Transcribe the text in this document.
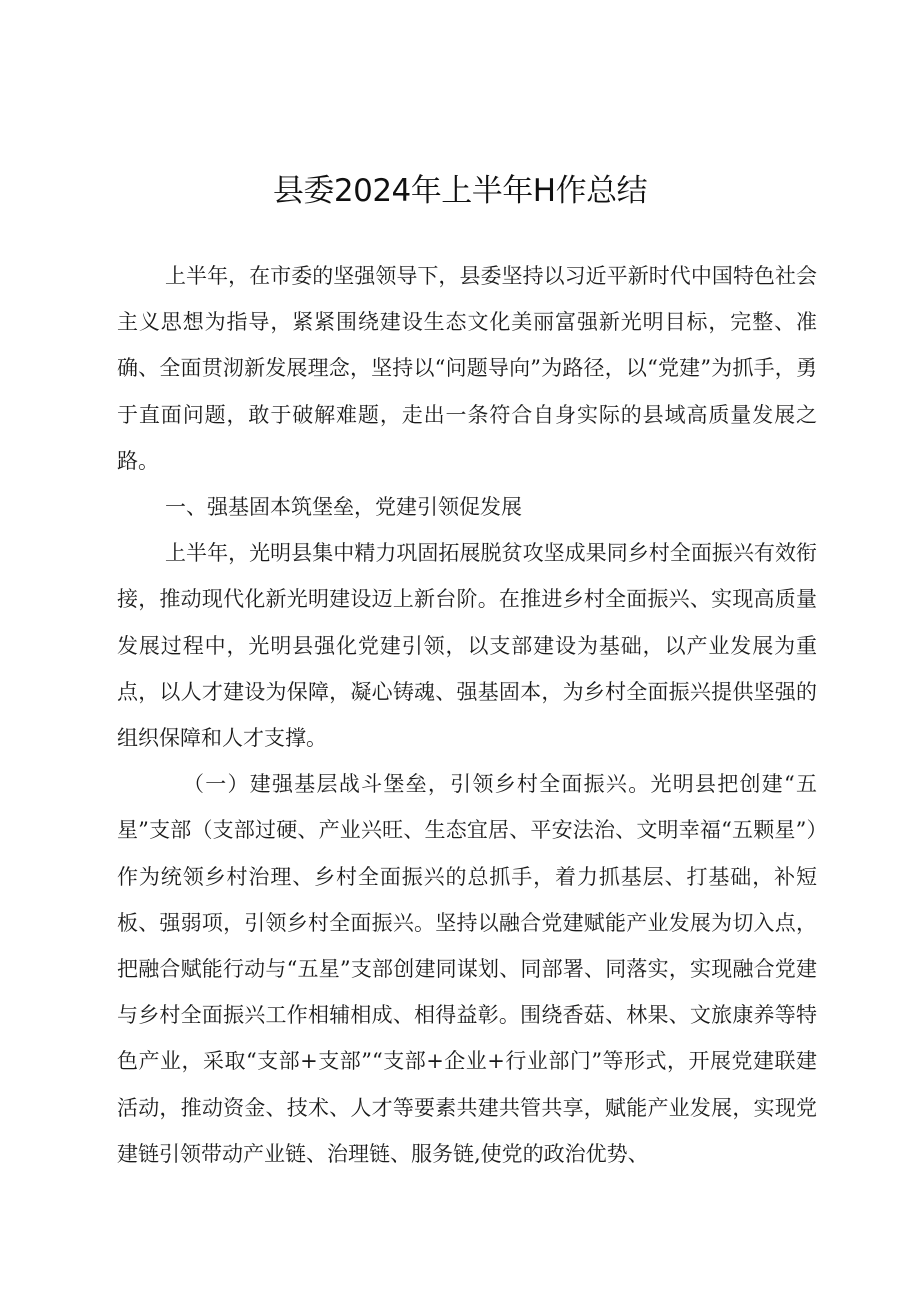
县委2024年上半年H作总结

上半年，在市委的坚强领导下，县委坚持以习近平新时代中国特色社会主义思想为指导，紧紧围绕建设生态文化美丽富强新光明目标，完整、准确、全面贯沏新发展理念，坚持以“问题导向”为路径，以“党建”为抓手，勇于直面问题，敢于破解难题，走出一条符合自身实际的县域高质量发展之路。

一、强基固本筑堡垒，党建引领促发展

上半年，光明县集中精力巩固拓展脱贫攻坚成果同乡村全面振兴有效衔接，推动现代化新光明建设迈上新台阶。在推进乡村全面振兴、实现高质量发展过程中，光明县强化党建引领，以支部建设为基础，以产业发展为重点，以人才建设为保障，凝心铸魂、强基固本，为乡村全面振兴提供坚强的组织保障和人才支撑。

（一）建强基层战斗堡垒，引领乡村全面振兴。光明县把创建“五星”支部（支部过硬、产业兴旺、生态宜居、平安法治、文明幸福“五颗星”）作为统领乡村治理、乡村全面振兴的总抓手，着力抓基层、打基础，补短板、强弱项，引领乡村全面振兴。坚持以融合党建赋能产业发展为切入点，把融合赋能行动与“五星”支部创建同谋划、同部署、同落实，实现融合党建与乡村全面振兴工作相辅相成、相得益彰。围绕香菇、林果、文旅康养等特色产业，采取“支部+支部”“支部+企业+行业部门”等形式，开展党建联建活动，推动资金、技术、人才等要素共建共管共享，赋能产业发展，实现党建链引领带动产业链、治理链、服务链,使党的政治优势、
